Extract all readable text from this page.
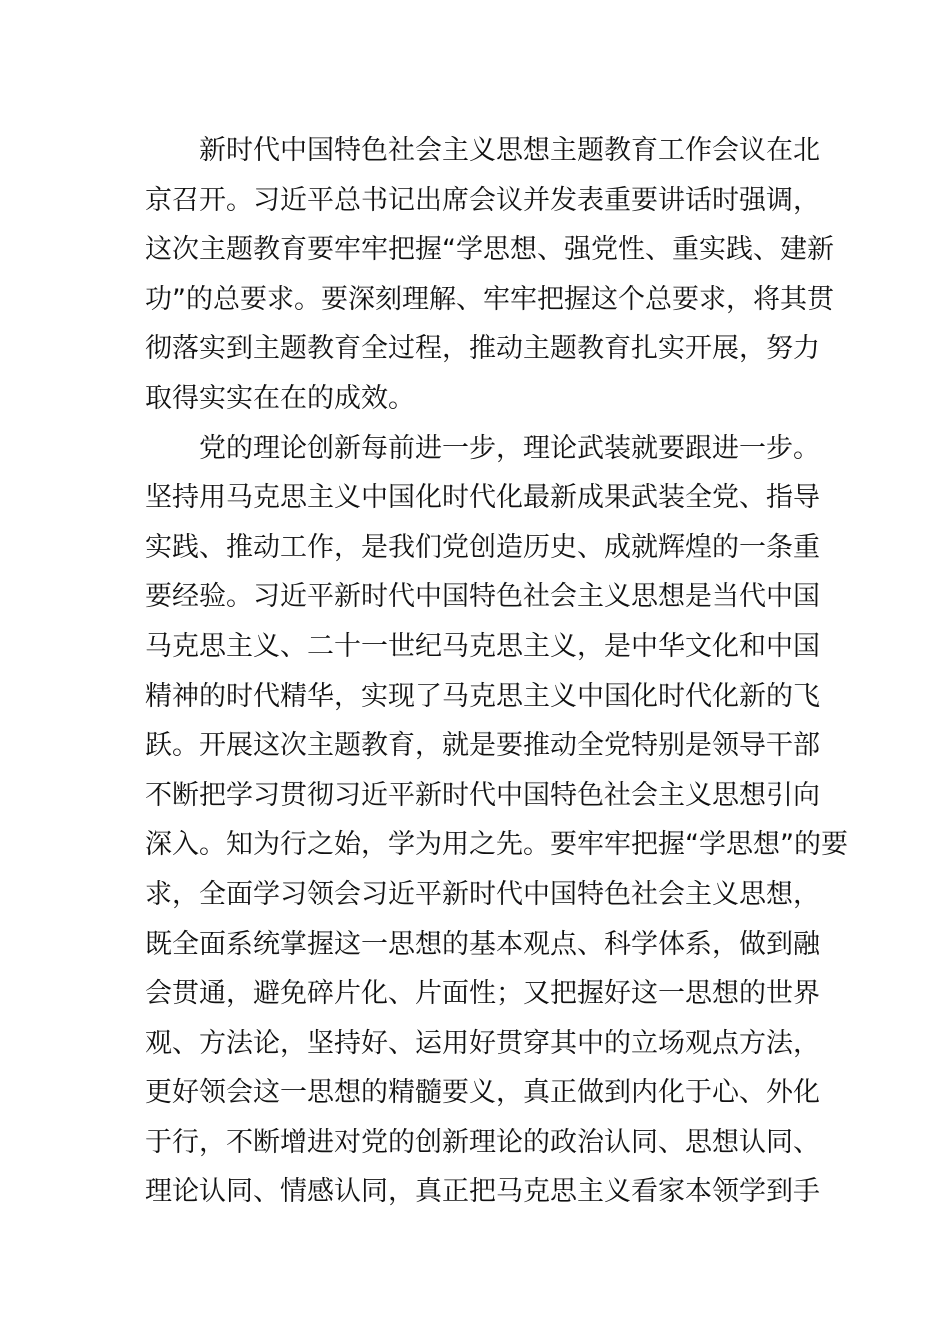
新时代中国特色社会主义思想主题教育工作会议在北
京召开。习近平总书记出席会议并发表重要讲话时强调，
这次主题教育要牢牢把握“学思想、强党性、重实践、建新
功”的总要求。要深刻理解、牢牢把握这个总要求，将其贯
彻落实到主题教育全过程，推动主题教育扎实开展，努力
取得实实在在的成效。
党的理论创新每前进一步，理论武装就要跟进一步。
坚持用马克思主义中国化时代化最新成果武装全党、指导
实践、推动工作，是我们党创造历史、成就辉煌的一条重
要经验。习近平新时代中国特色社会主义思想是当代中国
马克思主义、二十一世纪马克思主义，是中华文化和中国
精神的时代精华，实现了马克思主义中国化时代化新的飞
跃。开展这次主题教育，就是要推动全党特别是领导干部
不断把学习贯彻习近平新时代中国特色社会主义思想引向
深入。知为行之始，学为用之先。要牢牢把握“学思想”的要
求，全面学习领会习近平新时代中国特色社会主义思想，
既全面系统掌握这一思想的基本观点、科学体系，做到融
会贯通，避免碎片化、片面性；又把握好这一思想的世界
观、方法论，坚持好、运用好贯穿其中的立场观点方法，
更好领会这一思想的精髓要义，真正做到内化于心、外化
于行，不断增进对党的创新理论的政治认同、思想认同、
理论认同、情感认同，真正把马克思主义看家本领学到手
